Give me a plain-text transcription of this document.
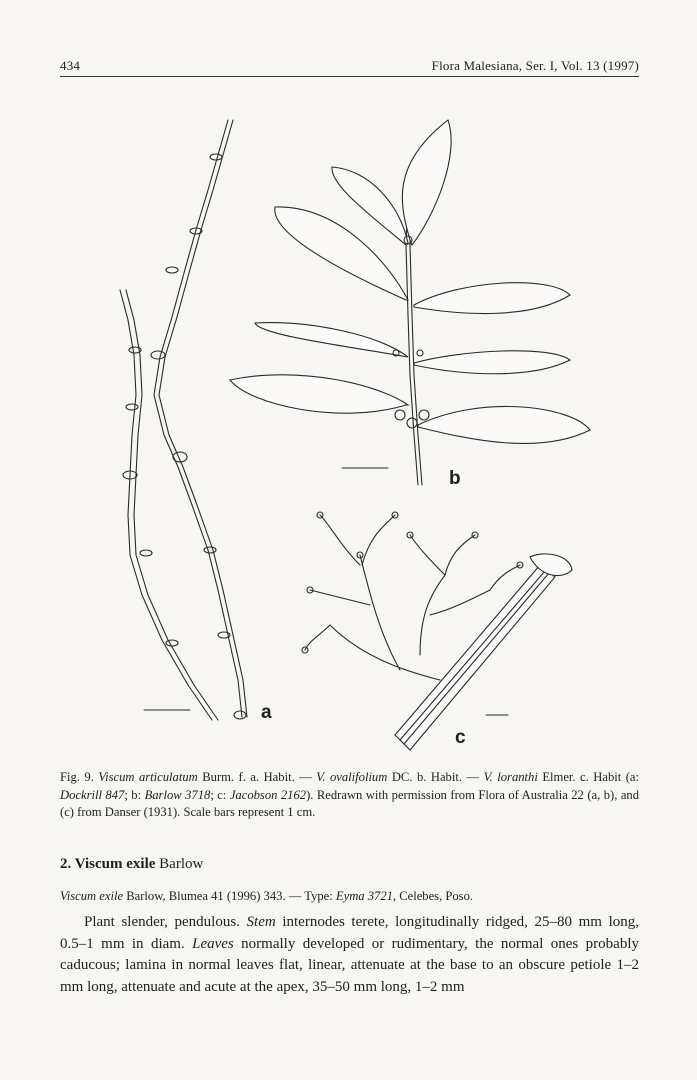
434	Flora Malesiana, Ser. I, Vol. 13 (1997)
a
b
c
Fig. 9. Viscum articulatum Burm. f. a. Habit. — V. ovalifolium DC. b. Habit. — V. loranthi Elmer. c. Habit (a: Dockrill 847; b: Barlow 3718; c: Jacobson 2162). Redrawn with permission from Flora of Australia 22 (a, b), and (c) from Danser (1931). Scale bars represent 1 cm.
2. Viscum exile Barlow
Viscum exile Barlow, Blumea 41 (1996) 343. — Type: Eyma 3721, Celebes, Poso.
Plant slender, pendulous. Stem internodes terete, longitudinally ridged, 25–80 mm long, 0.5–1 mm in diam. Leaves normally developed or rudimentary, the normal ones probably caducous; lamina in normal leaves flat, linear, attenuate at the base to an obscure petiole 1–2 mm long, attenuate and acute at the apex, 35–50 mm long, 1–2 mm
